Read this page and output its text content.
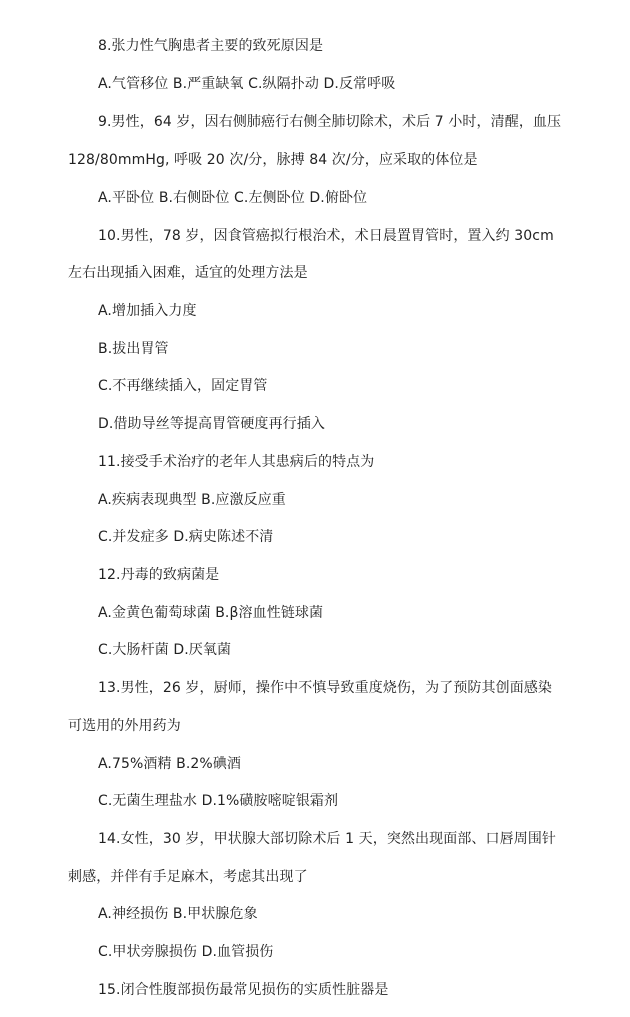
8.张力性气胸患者主要的致死原因是
A.气管移位 B.严重缺氧 C.纵隔扑动 D.反常呼吸
9.男性，64 岁，因右侧肺癌行右侧全肺切除术，术后 7 小时，清醒，血压
128/80mmHg, 呼吸 20 次/分，脉搏 84 次/分，应采取的体位是
A.平卧位 B.右侧卧位 C.左侧卧位 D.俯卧位
10.男性，78 岁，因食管癌拟行根治术，术日晨置胃管时，置入约 30cm
左右出现插入困难，适宜的处理方法是
A.增加插入力度
B.拔出胃管
C.不再继续插入，固定胃管
D.借助导丝等提高胃管硬度再行插入
11.接受手术治疗的老年人其患病后的特点为
A.疾病表现典型 B.应激反应重
C.并发症多 D.病史陈述不清
12.丹毒的致病菌是
A.金黄色葡萄球菌 B.β溶血性链球菌
C.大肠杆菌 D.厌氧菌
13.男性，26 岁，厨师，操作中不慎导致重度烧伤，为了预防其创面感染
可选用的外用药为
A.75%酒精 B.2%碘酒
C.无菌生理盐水 D.1%磺胺嘧啶银霜剂
14.女性，30 岁，甲状腺大部切除术后 1 天，突然出现面部、口唇周围针
刺感，并伴有手足麻木，考虑其出现了
A.神经损伤 B.甲状腺危象
C.甲状旁腺损伤 D.血管损伤
15.闭合性腹部损伤最常见损伤的实质性脏器是
